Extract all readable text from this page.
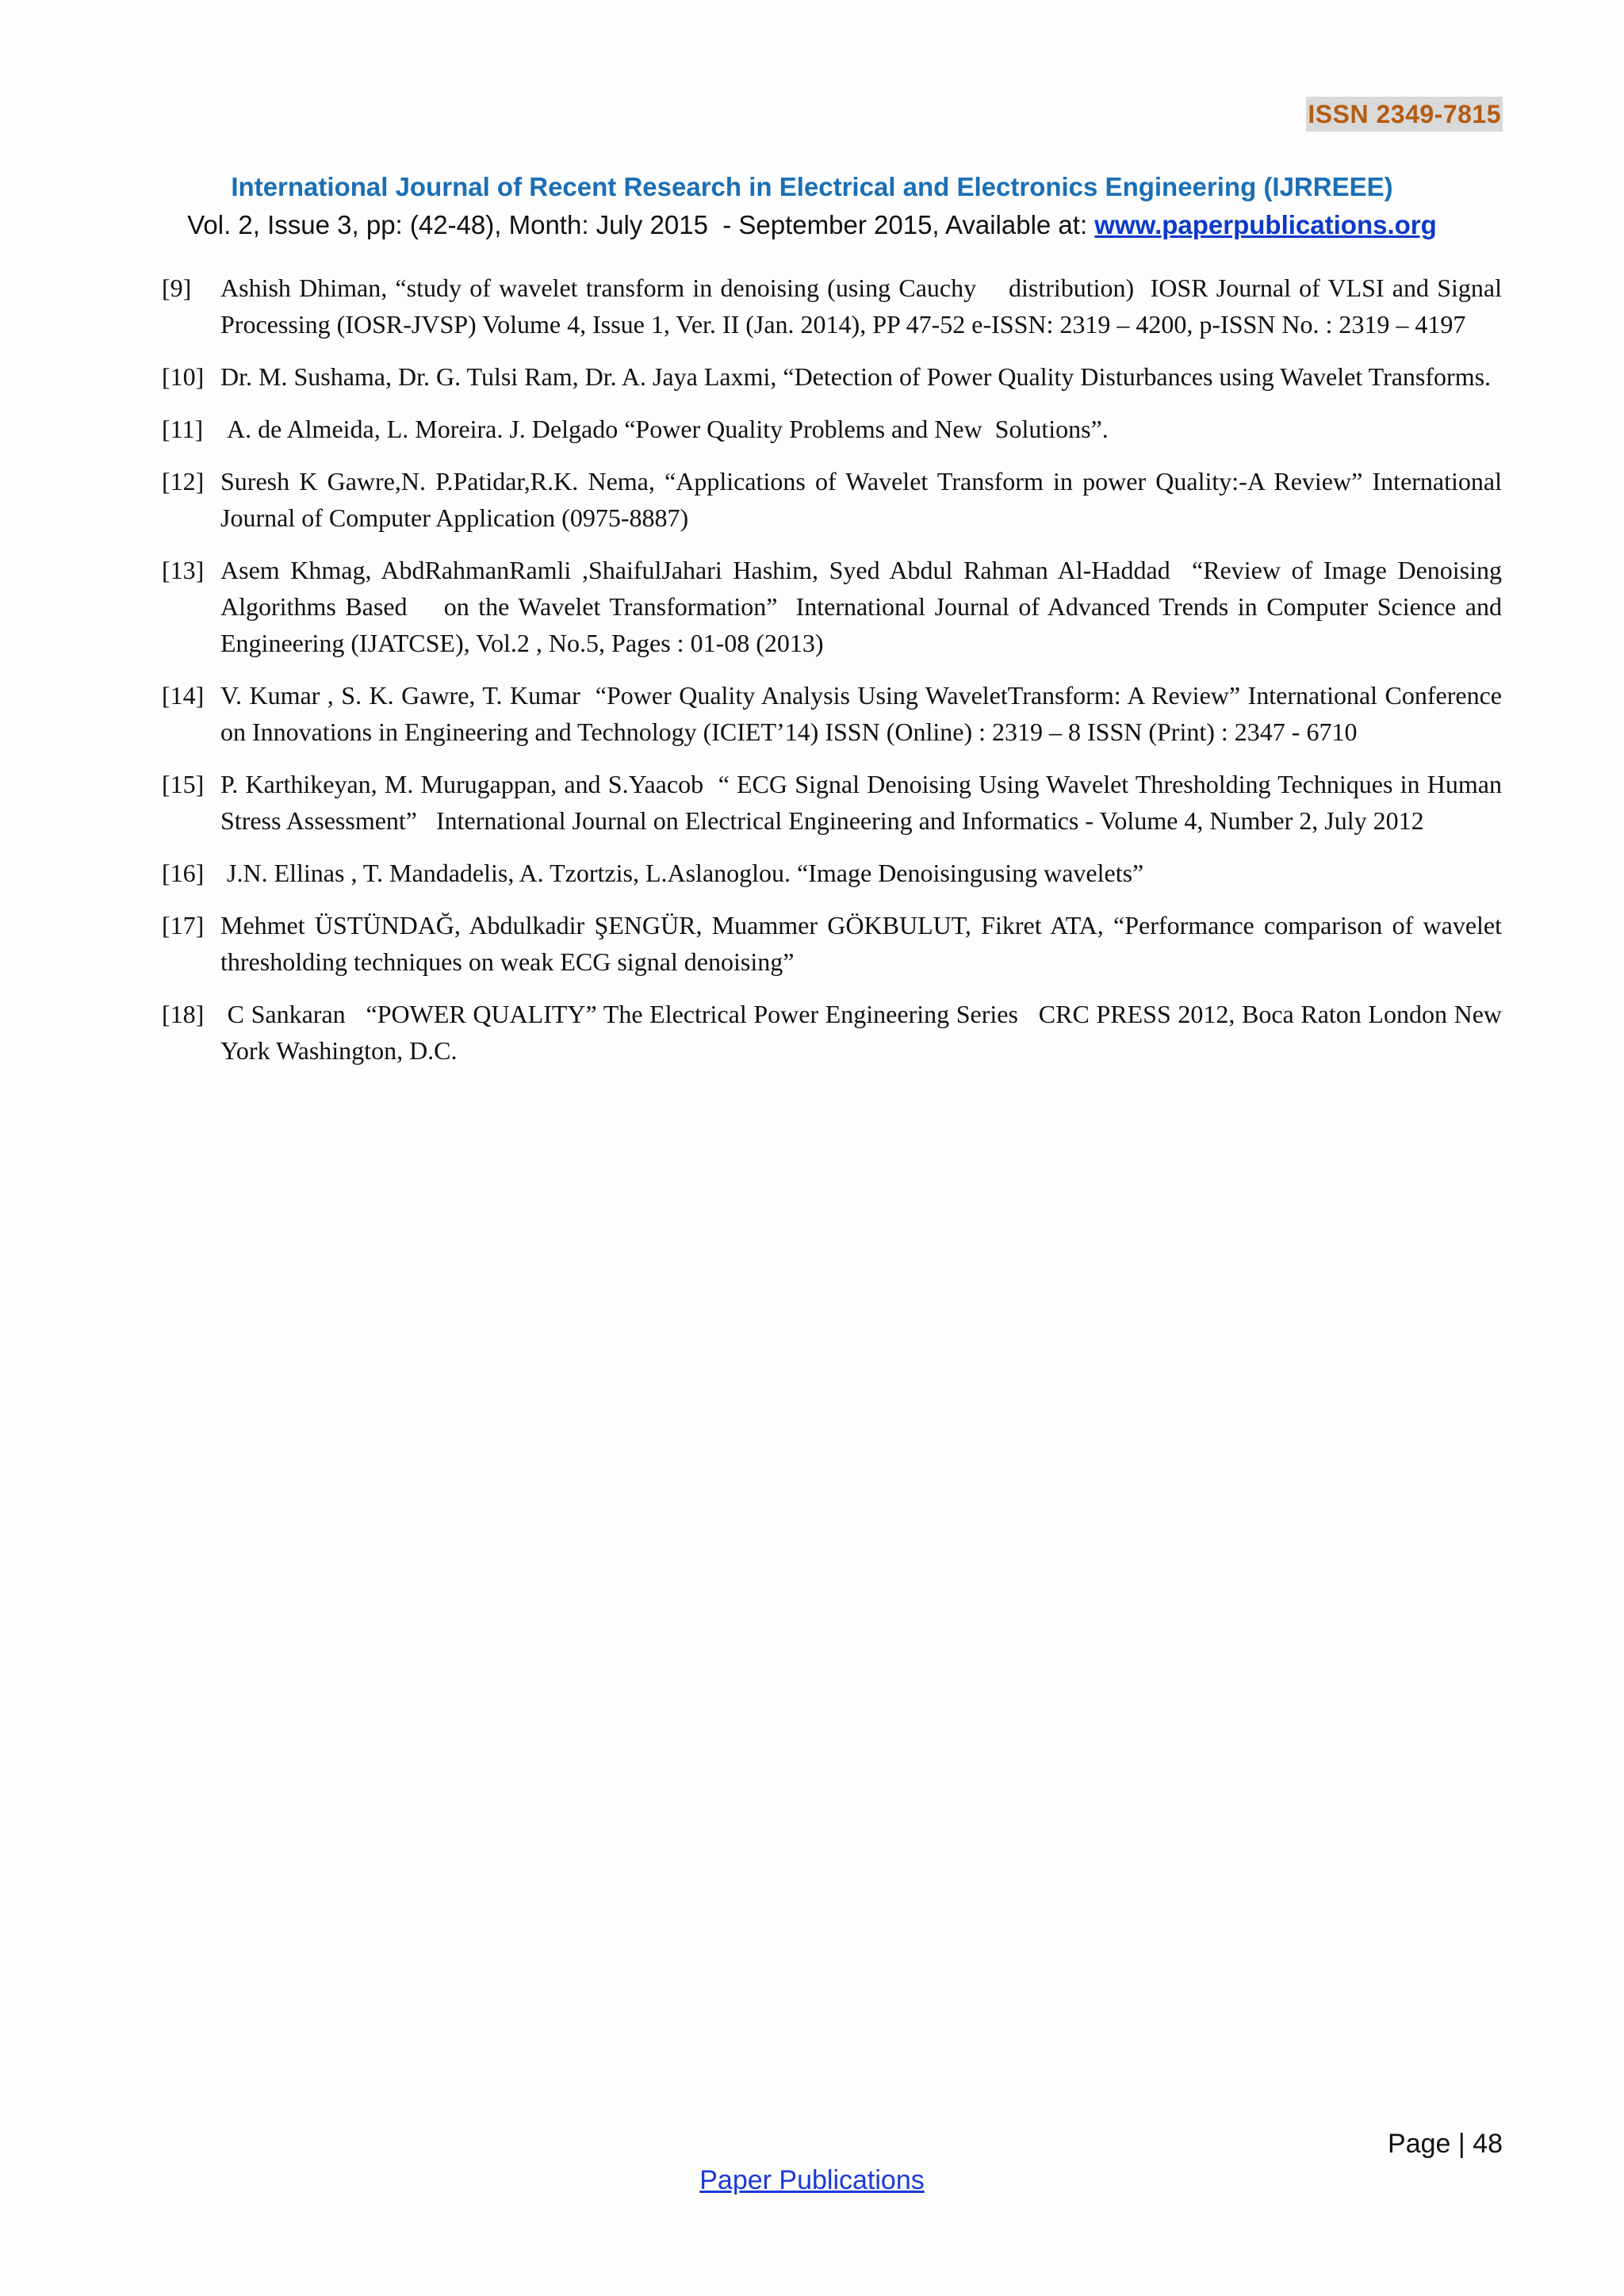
ISSN 2349-7815
International Journal of Recent Research in Electrical and Electronics Engineering (IJRREEE)
Vol. 2, Issue 3, pp: (42-48), Month: July 2015  - September 2015, Available at: www.paperpublications.org
[9]	Ashish Dhiman, “study of wavelet transform in denoising (using Cauchy    distribution)  IOSR Journal of VLSI and Signal Processing (IOSR-JVSP) Volume 4, Issue 1, Ver. II (Jan. 2014), PP 47-52 e-ISSN: 2319 – 4200, p-ISSN No. : 2319 – 4197
[10] Dr. M. Sushama, Dr. G. Tulsi Ram, Dr. A. Jaya Laxmi, “Detection of Power Quality Disturbances using Wavelet Transforms.
[11] A. de Almeida, L. Moreira. J. Delgado “Power Quality Problems and New  Solutions”.
[12] Suresh K Gawre,N. P.Patidar,R.K. Nema, “Applications of Wavelet Transform in power Quality:-A Review” International Journal of Computer Application (0975-8887)
[13] Asem Khmag, AbdRahmanRamli ,ShaifulJahari Hashim, Syed Abdul Rahman Al-Haddad  “Review of Image Denoising Algorithms Based    on the Wavelet Transformation”  International Journal of Advanced Trends in Computer Science and Engineering (IJATCSE), Vol.2 , No.5, Pages : 01-08 (2013)
[14] V. Kumar , S. K. Gawre, T. Kumar  “Power Quality Analysis Using WaveletTransform: A Review” International Conference on Innovations in Engineering and Technology (ICIET’14) ISSN (Online) : 2319 – 8 ISSN (Print) : 2347 - 6710
[15] P. Karthikeyan, M. Murugappan, and S.Yaacob  “ ECG Signal Denoising Using Wavelet Thresholding Techniques in Human Stress Assessment”   International Journal on Electrical Engineering and Informatics - Volume 4, Number 2, July 2012
[16] J.N. Ellinas , T. Mandadelis, A. Tzortzis, L.Aslanoglou. “Image Denoisingusing wavelets”
[17] Mehmet ÜSTÜNDAĞ, Abdulkadir ŞENGÜR, Muammer GÖKBULUT, Fikret ATA, “Performance comparison of wavelet thresholding techniques on weak ECG signal denoising”
[18] C Sankaran   “POWER QUALITY” The Electrical Power Engineering Series   CRC PRESS 2012, Boca Raton London New York Washington, D.C.
Page | 48
Paper Publications
